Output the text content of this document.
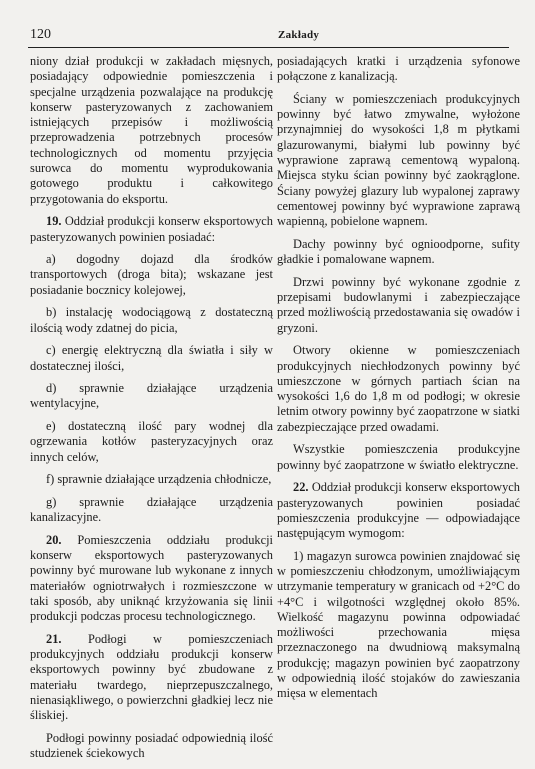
120	Zakłady

niony dział produkcji w zakładach mięsnych, posiadający odpowiednie pomieszczenia i specjalne urządzenia pozwalające na produkcję konserw pasteryzowanych z zachowaniem istniejących przepisów i możliwością przeprowadzenia potrzebnych procesów technologicznych od momentu przyjęcia surowca do momentu wyprodukowania gotowego produktu i całkowitego przygotowania do eksportu.

19. Oddział produkcji konserw eksportowych pasteryzowanych powinien posiadać:

a) dogodny dojazd dla środków transportowych (droga bita); wskazane jest posiadanie bocznicy kolejowej,

b) instalację wodociągową z dostateczną ilością wody zdatnej do picia,

c) energię elektryczną dla światła i siły w dostatecznej ilości,

d) sprawnie działające urządzenia wentylacyjne,

e) dostateczną ilość pary wodnej dla ogrzewania kotłów pasteryzacyjnych oraz innych celów,

f) sprawnie działające urządzenia chłodnicze,

g) sprawnie działające urządzenia kanalizacyjne.

20. Pomieszczenia oddziału produkcji konserw eksportowych pasteryzowanych powinny być murowane lub wykonane z innych materiałów ogniotrwałych i rozmieszczone w taki sposób, aby uniknąć krzyżowania się linii produkcji podczas procesu technologicznego.

21. Podłogi w pomieszczeniach produkcyjnych oddziału produkcji konserw eksportowych powinny być zbudowane z materiału twardego, nieprzepuszczalnego, nienasiąkliwego, o powierzchni gładkiej lecz nie śliskiej.

Podłogi powinny posiadać odpowiednią ilość studzienek ściekowych

posiadających kratki i urządzenia syfonowe połączone z kanalizacją.

Ściany w pomieszczeniach produkcyjnych powinny być łatwo zmywalne, wyłożone przynajmniej do wysokości 1,8 m płytkami glazurowanymi, białymi lub powinny być wyprawione zaprawą cementową wypaloną. Miejsca styku ścian powinny być zaokrąglone. Ściany powyżej glazury lub wypalonej zaprawy cementowej powinny być wyprawione zaprawą wapienną, pobielone wapnem.

Dachy powinny być ognioodporne, sufity gładkie i pomalowane wapnem.

Drzwi powinny być wykonane zgodnie z przepisami budowlanymi i zabezpieczające przed możliwością przedostawania się owadów i gryzoni.

Otwory okienne w pomieszczeniach produkcyjnych niechłodzonych powinny być umieszczone w górnych partiach ścian na wysokości 1,6 do 1,8 m od podłogi; w okresie letnim otwory powinny być zaopatrzone w siatki zabezpieczające przed owadami.

Wszystkie pomieszczenia produkcyjne powinny być zaopatrzone w światło elektryczne.

22. Oddział produkcji konserw eksportowych pasteryzowanych powinien posiadać pomieszczenia produkcyjne — odpowiadające następującym wymogom:

1) magazyn surowca powinien znajdować się w pomieszczeniu chłodzonym, umożliwiającym utrzymanie temperatury w granicach od +2°C do +4°C i wilgotności względnej około 85%. Wielkość magazynu powinna odpowiadać możliwości przechowania mięsa przeznaczonego na dwudniową maksymalną produkcję; magazyn powinien być zaopatrzony w odpowiednią ilość stojaków do zawieszania mięsa w elementach
